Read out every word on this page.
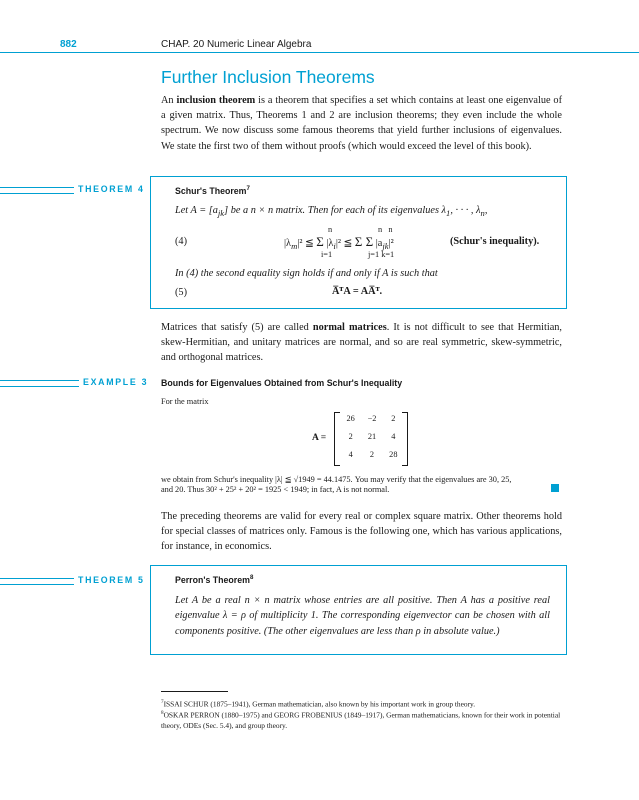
882	CHAP. 20 Numeric Linear Algebra
Further Inclusion Theorems

An inclusion theorem is a theorem that specifies a set which contains at least one eigenvalue of a given matrix. Thus, Theorems 1 and 2 are inclusion theorems; they even include the whole spectrum. We now discuss some famous theorems that yield further inclusions of eigenvalues. We state the first two of them without proofs (which would exceed the level of this book).

THEOREM 4	Schur's Theorem$^7$
Let $A = [a_{jk}]$ be a n × n matrix. Then for each of its eigenvalues $\lambda_1$, · · · , $\lambda_n$,
(4)
n
i=1
n   n
j=1 k=1
$|\lambda_m|^2$ ≦ Σ $|\lambda_i|^2$ ≦ Σ Σ $|a_{jk}|^2$	(Schur's inequality).
In (4) the second equality sign holds if and only if A is such that
(5)	A̅ᵀA = AA̅ᵀ.

Matrices that satisfy (5) are called normal matrices. It is not difficult to see that Hermitian, skew-Hermitian, and unitary matrices are normal, and so are real symmetric, skew-symmetric, and orthogonal matrices.

EXAMPLE 3 Bounds for Eigenvalues Obtained from Schur's Inequality
For the matrix
A =
26	−2	2
2	21	4
4	2	28
we obtain from Schur's inequality |λ| ≦ √1949 = 44.1475. You may verify that the eigenvalues are 30, 25,
and 20. Thus 30² + 25² + 20² = 1925 < 1949; in fact, A is not normal.

The preceding theorems are valid for every real or complex square matrix. Other theorems hold for special classes of matrices only. Famous is the following one, which has various applications, for instance, in economics.

THEOREM 5	Perron's Theorem$^8$
Let A be a real n × n matrix whose entries are all positive. Then A has a positive real eigenvalue λ = ρ of multiplicity 1. The corresponding eigenvector can be chosen with all components positive. (The other eigenvalues are less than ρ in absolute value.)
$^7$ISSAI SCHUR (1875–1941), German mathematician, also known by his important work in group theory.
$^8$OSKAR PERRON (1880–1975) and GEORG FROBENIUS (1849–1917), German mathematicians, known for their work in potential theory, ODEs (Sec. 5.4), and group theory.
